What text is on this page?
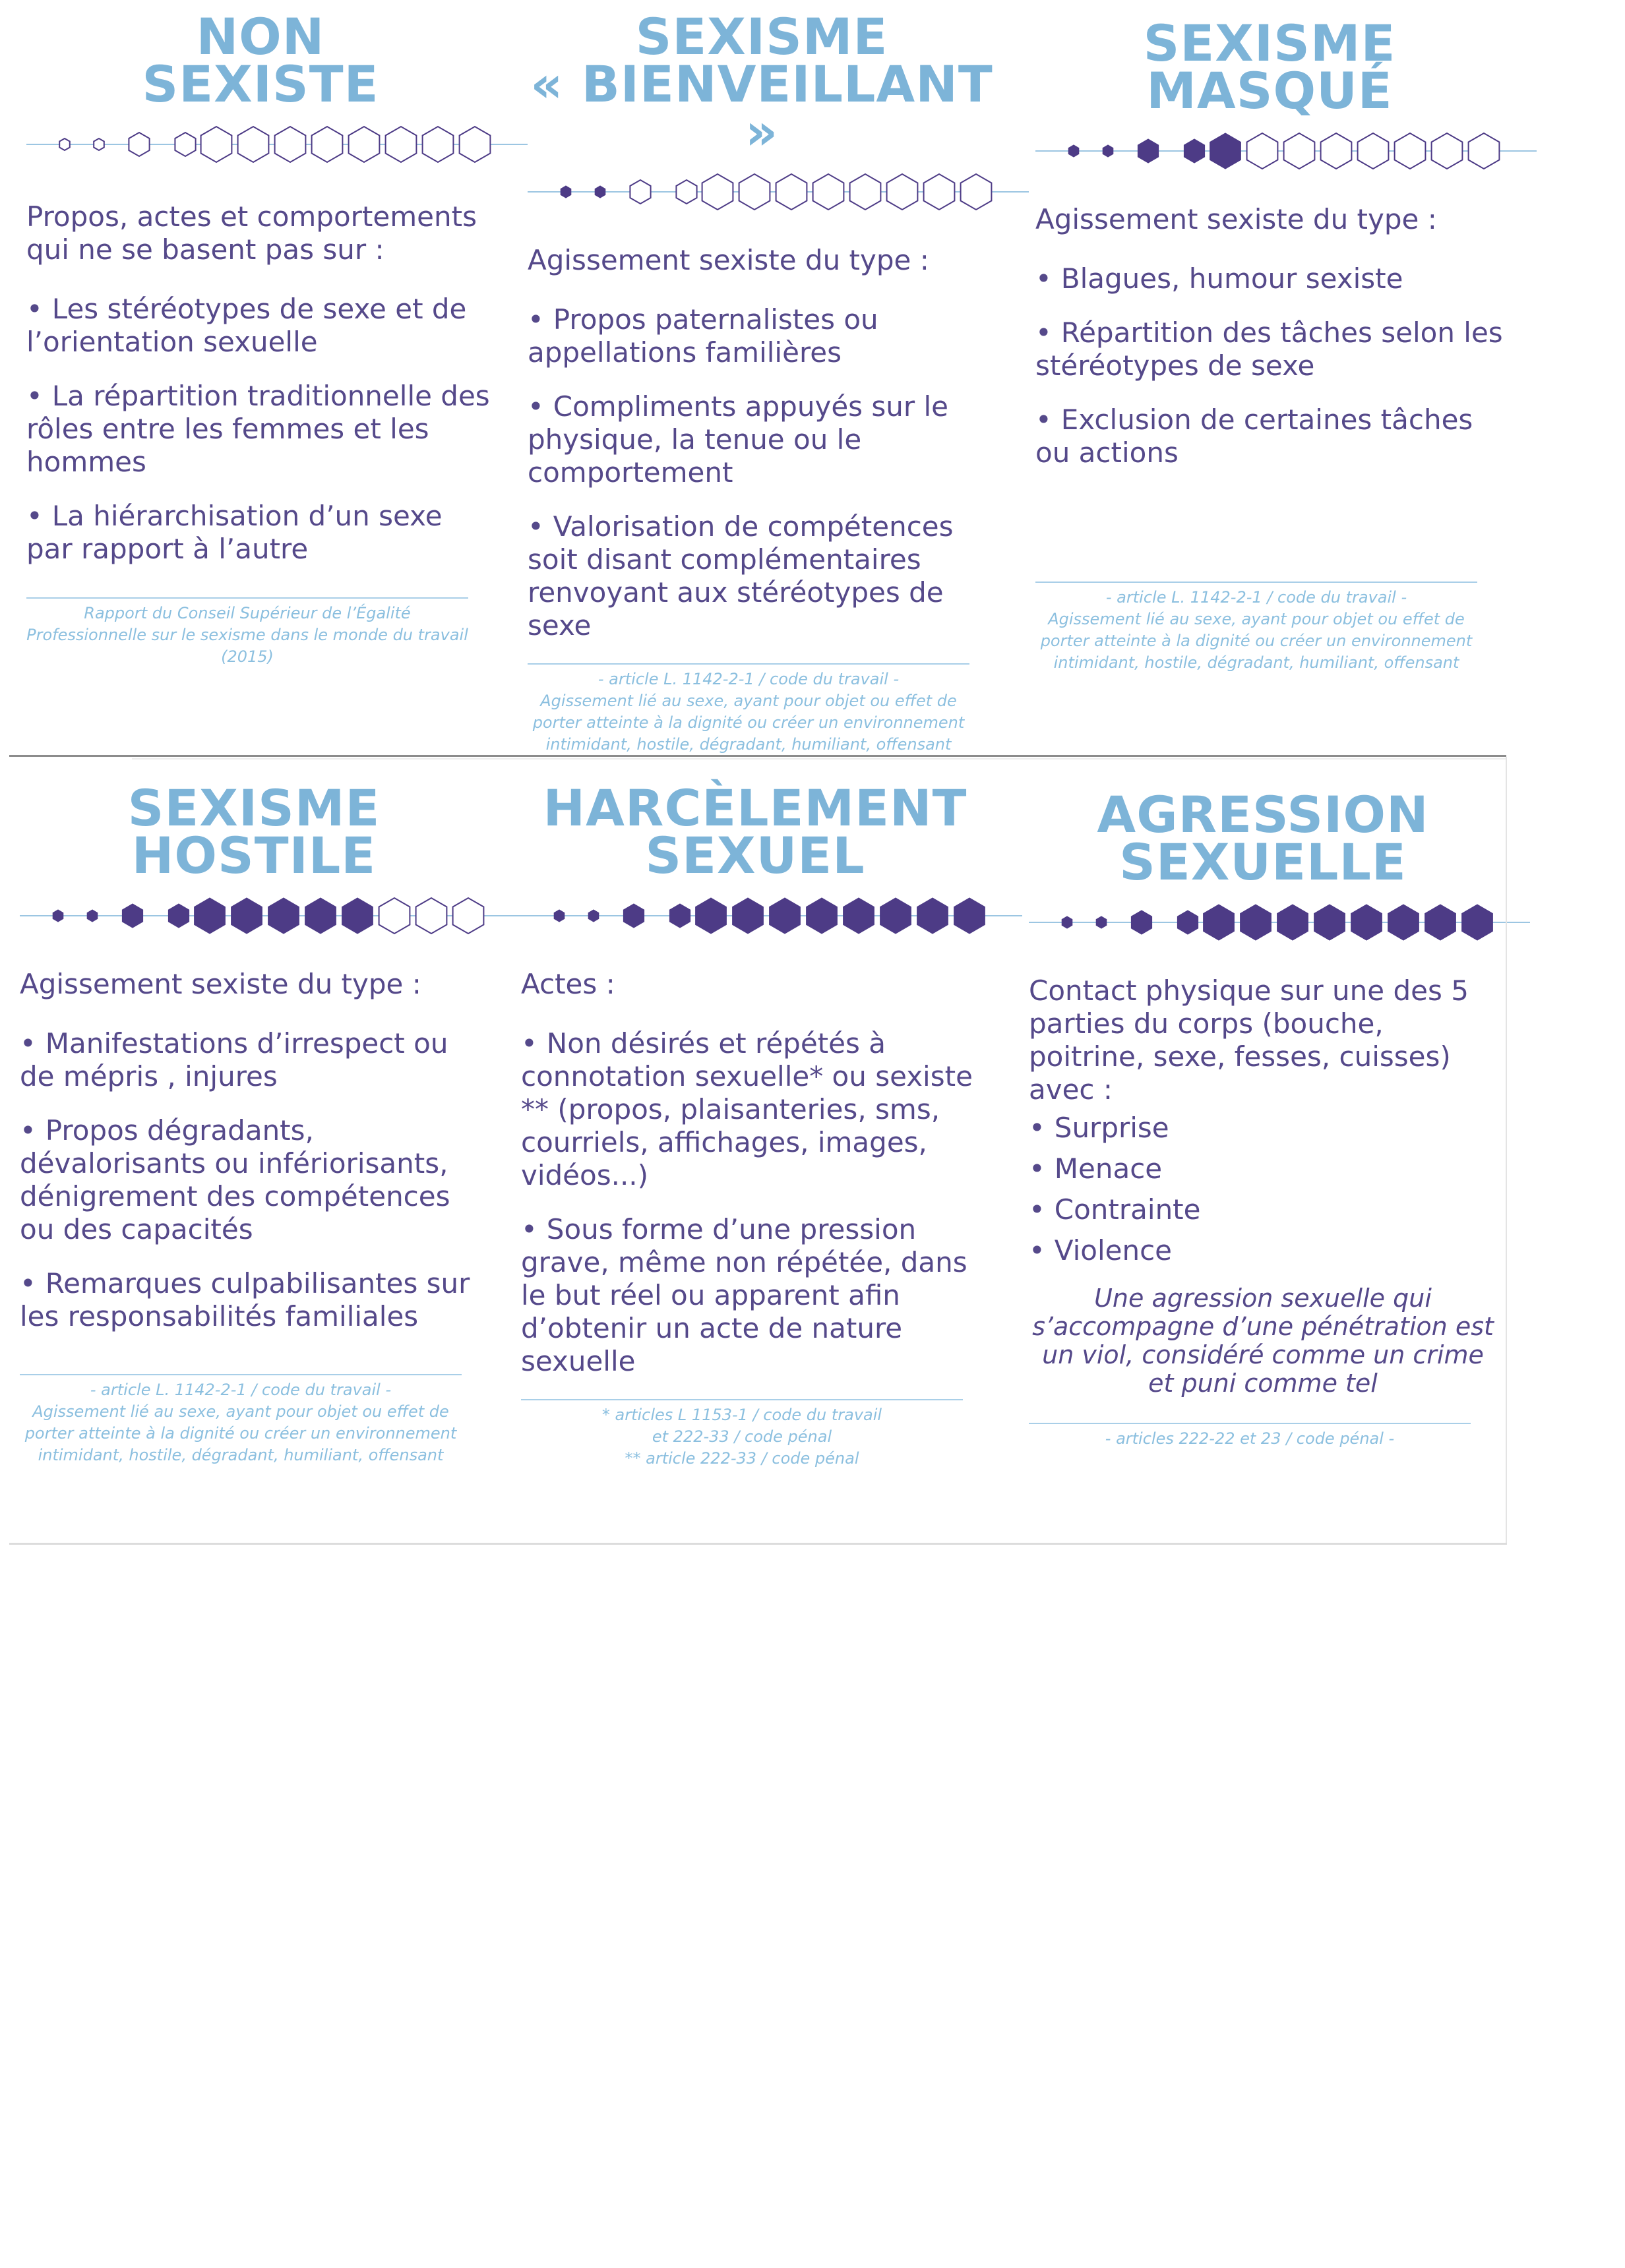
NON
SEXISTE

Propos, actes et comportements qui ne se basent pas sur :

• Les stéréotypes de sexe et de l’orientation sexuelle
• La répartition traditionnelle des rôles entre les femmes et les hommes
• La hiérarchisation d’un sexe par rapport à l’autre
Rapport du Conseil Supérieur de l’Égalité
Professionnelle sur le sexisme dans le monde du travail
(2015)
SEXISME
« BIENVEILLANT »

Agissement sexiste du type :

• Propos paternalistes ou appellations familières
• Compliments appuyés sur le physique, la tenue ou le comportement
• Valorisation de compétences soit disant complémentaires renvoyant aux stéréotypes de sexe
- article L. 1142-2-1 / code du travail -
Agissement lié au sexe, ayant pour objet ou effet de
porter atteinte à la dignité ou créer un environnement
intimidant, hostile, dégradant, humiliant, offensant
SEXISME
MASQUÉ

Agissement sexiste du type :

• Blagues, humour sexiste
• Répartition des tâches selon les stéréotypes de sexe
• Exclusion de certaines tâches ou actions
- article L. 1142-2-1 / code du travail -
Agissement lié au sexe, ayant pour objet ou effet de
porter atteinte à la dignité ou créer un environnement
intimidant, hostile, dégradant, humiliant, offensant
SEXISME
HOSTILE

Agissement sexiste du type :

• Manifestations d’irrespect ou de mépris , injures
• Propos dégradants, dévalorisants ou infériorisants, dénigrement des compétences ou des capacités
• Remarques culpabilisantes sur les responsabilités familiales
- article L. 1142-2-1 / code du travail -
Agissement lié au sexe, ayant pour objet ou effet de
porter atteinte à la dignité ou créer un environnement
intimidant, hostile, dégradant, humiliant, offensant
HARCÈLEMENT
SEXUEL

Actes :

• Non désirés et répétés à connotation sexuelle* ou sexiste ** (propos, plaisanteries, sms, courriels, affichages, images, vidéos...)
• Sous forme d’une pression grave, même non répétée, dans le but réel ou apparent afin d’obtenir un acte de nature sexuelle
* articles L 1153-1 / code du travail
et 222-33 / code pénal
** article 222-33 / code pénal
AGRESSION
SEXUELLE

Contact physique sur une des 5 parties du corps (bouche, poitrine, sexe, fesses, cuisses) avec :

• Surprise
• Menace
• Contrainte
• Violence

Une agression sexuelle qui s’accompagne d’une pénétration est un viol, considéré comme un crime et puni comme tel

- articles 222-22 et 23 / code pénal -
